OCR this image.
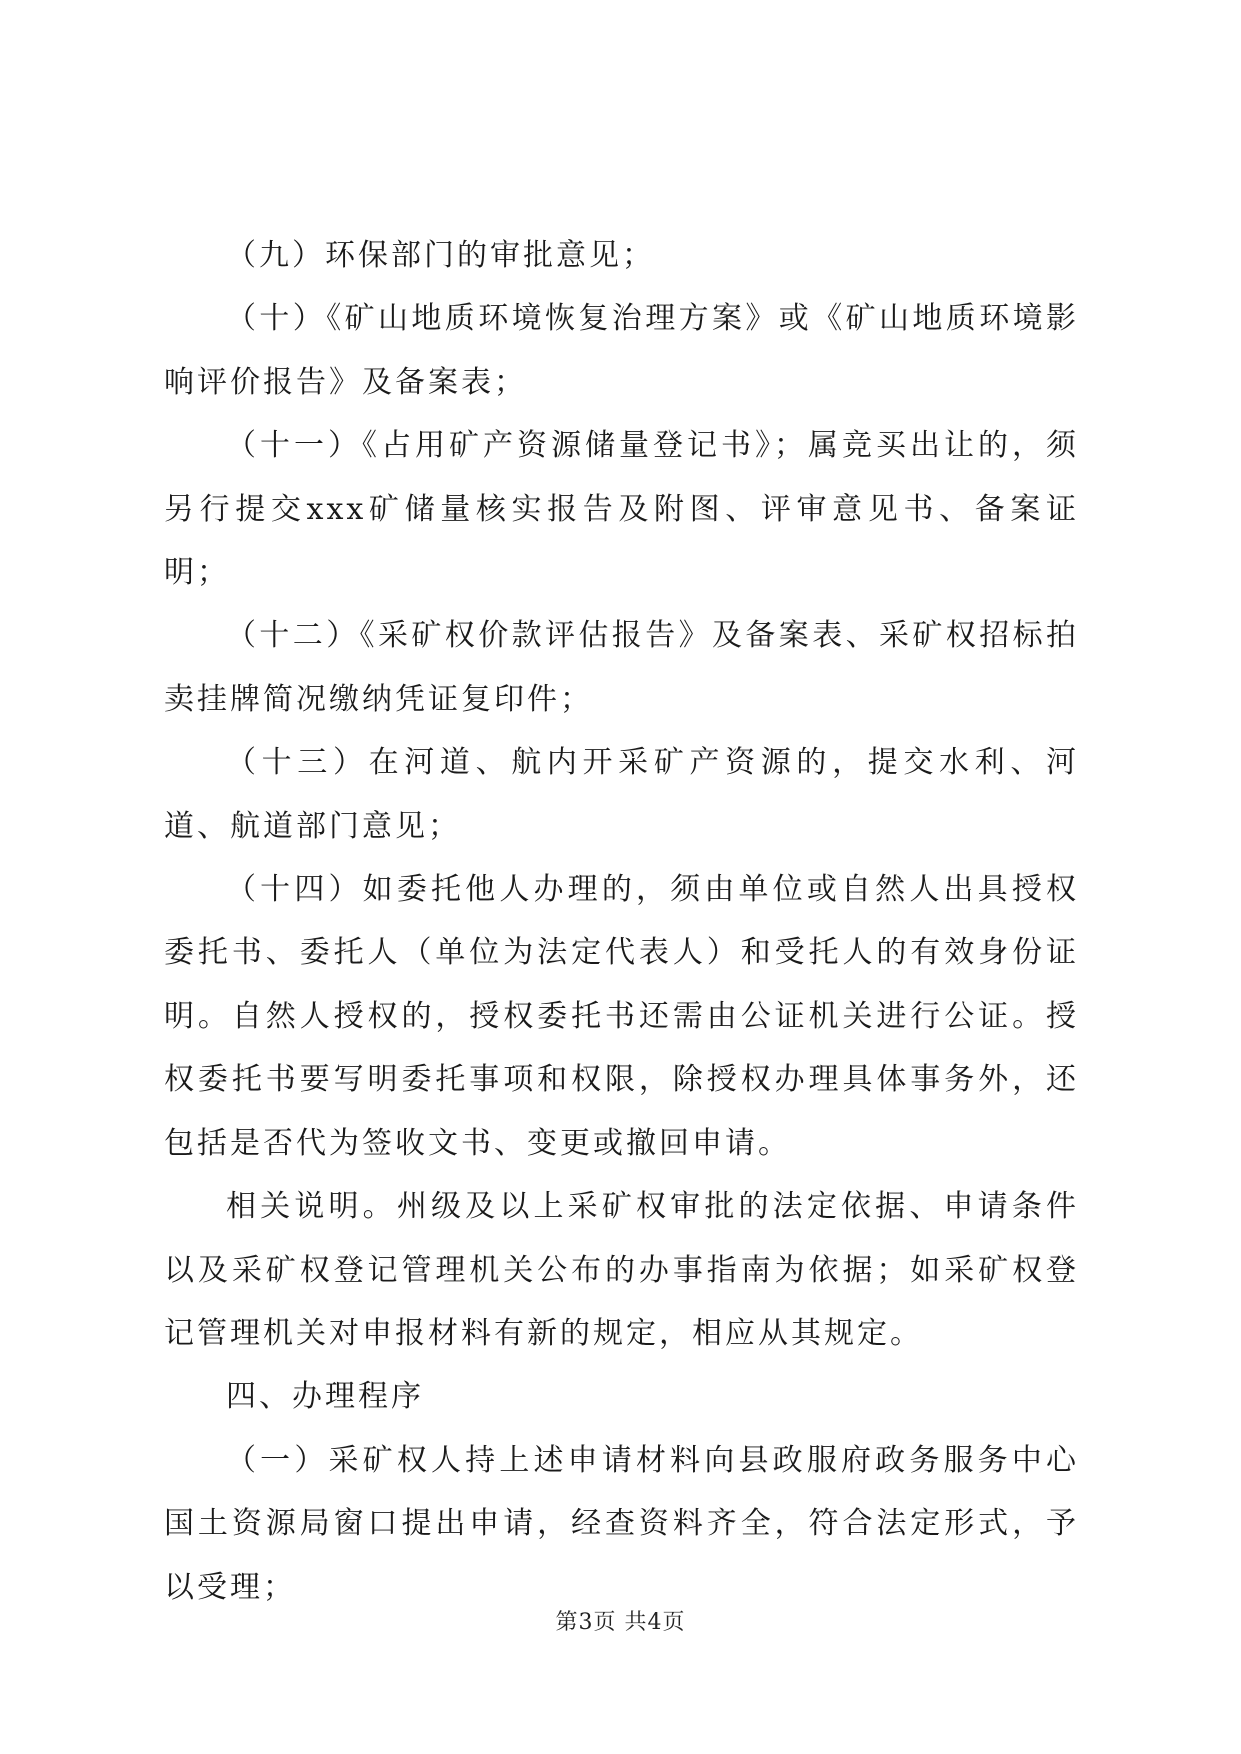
（九）环保部门的审批意见；

（十）《矿山地质环境恢复治理方案》或《矿山地质环境影响评价报告》及备案表；

（十一）《占用矿产资源储量登记书》；属竞买出让的，须另行提交xxx矿储量核实报告及附图、评审意见书、备案证明；

（十二）《采矿权价款评估报告》及备案表、采矿权招标拍卖挂牌简况缴纳凭证复印件；

（十三）在河道、航内开采矿产资源的，提交水利、河道、航道部门意见；

（十四）如委托他人办理的，须由单位或自然人出具授权委托书、委托人（单位为法定代表人）和受托人的有效身份证明。自然人授权的，授权委托书还需由公证机关进行公证。授权委托书要写明委托事项和权限，除授权办理具体事务外，还包括是否代为签收文书、变更或撤回申请。

相关说明。州级及以上采矿权审批的法定依据、申请条件以及采矿权登记管理机关公布的办事指南为依据；如采矿权登记管理机关对申报材料有新的规定，相应从其规定。

四、办理程序

（一）采矿权人持上述申请材料向县政服府政务服务中心国土资源局窗口提出申请，经查资料齐全，符合法定形式，予以受理；

第3页 共4页
